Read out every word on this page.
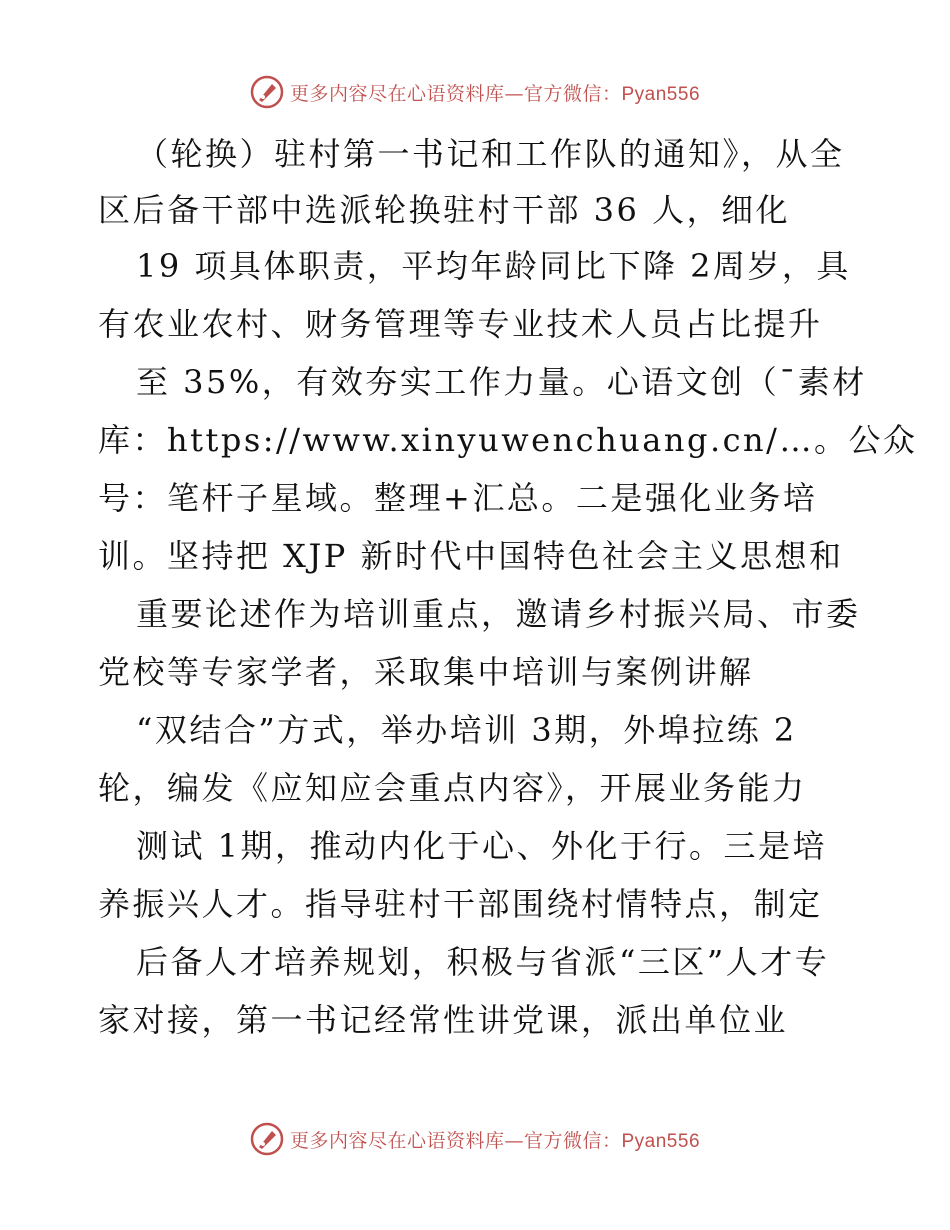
更多内容尽在心语资料库—官方微信：Pyan556
（轮换）驻村第一书记和工作队的通知》，从全
区后备干部中选派轮换驻村干部 36 人，细化
19 项具体职责，平均年龄同比下降 2周岁，具
有农业农村、财务管理等专业技术人员占比提升
至 35%，有效夯实工作力量。心语文创（¯素材
库：https://www.xinyuwenchuang.cn/…。公众
号：笔杆子星域。整理+汇总。二是强化业务培
训。坚持把 XJP 新时代中国特色社会主义思想和
重要论述作为培训重点，邀请乡村振兴局、市委
党校等专家学者，采取集中培训与案例讲解
“双结合”方式，举办培训 3期，外埠拉练 2
轮，编发《应知应会重点内容》，开展业务能力
测试 1期，推动内化于心、外化于行。三是培
养振兴人才。指导驻村干部围绕村情特点，制定
后备人才培养规划，积极与省派“三区”人才专
家对接，第一书记经常性讲党课，派出单位业
更多内容尽在心语资料库—官方微信：Pyan556
